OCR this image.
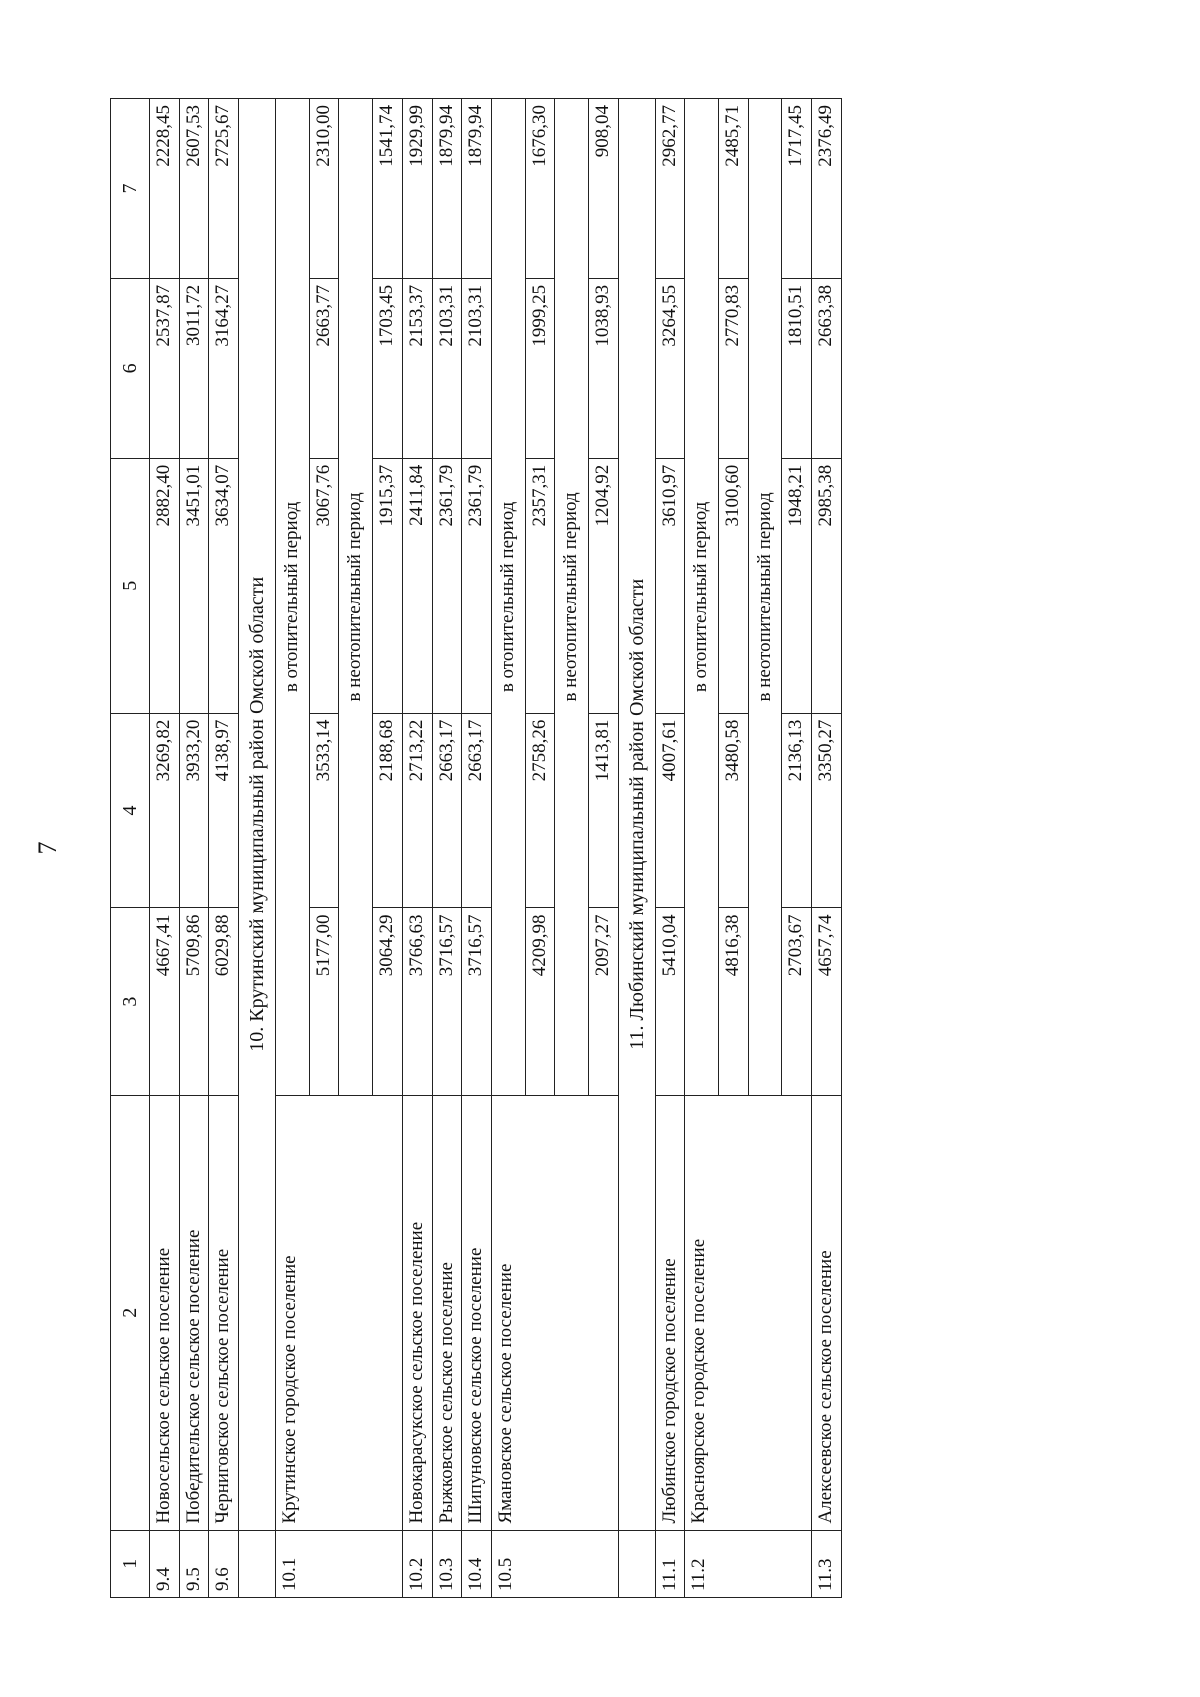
7
1	2	3	4	5	6	7
9.4	Новосельское сельское поселение	4667,41	3269,82	2882,40	2537,87	2228,45
9.5	Победительское сельское поселение	5709,86	3933,20	3451,01	3011,72	2607,53
9.6	Черниговское сельское поселение	6029,88	4138,97	3634,07	3164,27	2725,67
	10. Крутинский муниципальный район Омской области					
10.1	Крутинское городское поселение	в отопительный период				
		5177,00	3533,14	3067,76	2663,77	2310,00
		в неотопительный период				
		3064,29	2188,68	1915,37	1703,45	1541,74
10.2	Новокарасукское сельское поселение	3766,63	2713,22	2411,84	2153,37	1929,99
10.3	Рыжковское сельское поселение	3716,57	2663,17	2361,79	2103,31	1879,94
10.4	Шипуновское сельское поселение	3716,57	2663,17	2361,79	2103,31	1879,94
10.5	Ямановское сельское поселение	в отопительный период				
		4209,98	2758,26	2357,31	1999,25	1676,30
		в неотопительный период				
		2097,27	1413,81	1204,92	1038,93	908,04
	11. Любинский муниципальный район Омской области					
11.1	Любинское городское поселение	5410,04	4007,61	3610,97	3264,55	2962,77
11.2	Красноярское городское поселение	в отопительный период				
		4816,38	3480,58	3100,60	2770,83	2485,71
		в неотопительный период				
		2703,67	2136,13	1948,21	1810,51	1717,45
11.3	Алексеевское сельское поселение	4657,74	3350,27	2985,38	2663,38	2376,49
